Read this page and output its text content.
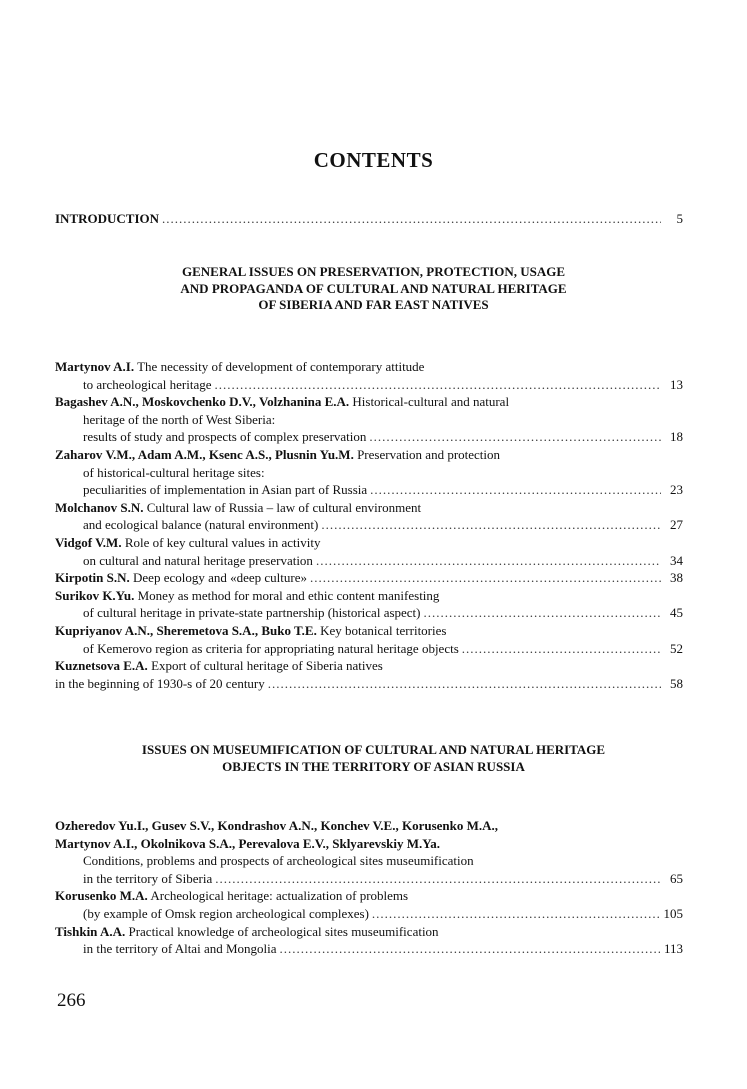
CONTENTS
INTRODUCTION .....	5
GENERAL ISSUES ON PRESERVATION, PROTECTION, USAGE
AND PROPAGANDA OF CULTURAL AND NATURAL HERITAGE
OF SIBERIA AND FAR EAST NATIVES
Martynov A.I. The necessity of development of contemporary attitude
to archeological heritage .....	13
Bagashev A.N., Moskovchenko D.V., Volzhanina E.A. Historical-cultural and natural
heritage of the north of West Siberia:
results of study and prospects of complex preservation .....	18
Zaharov V.M., Adam A.M., Ksenc A.S., Plusnin Yu.M. Preservation and protection
of historical-cultural heritage sites:
peculiarities of implementation in Asian part of Russia .....	23
Molchanov S.N. Cultural law of Russia – law of cultural environment
and ecological balance (natural environment) .....	27
Vidgof V.M. Role of key cultural values in activity
on cultural and natural heritage preservation .....	34
Kirpotin S.N. Deep ecology and «deep culture» .....	38
Surikov K.Yu. Money as method for moral and ethic content manifesting
of cultural heritage in private-state partnership (historical aspect) .....	45
Kupriyanov A.N., Sheremetova S.A., Buko T.E. Key botanical territories
of Kemerovo region as criteria for appropriating natural heritage objects .....	52
Kuznetsova E.A. Export of cultural heritage of Siberia natives
in the beginning of 1930-s of 20 century .....	58
ISSUES ON MUSEUMIFICATION OF CULTURAL AND NATURAL HERITAGE
OBJECTS IN THE TERRITORY OF ASIAN RUSSIA
Ozheredov Yu.I., Gusev S.V., Kondrashov A.N., Konchev V.E., Korusenko M.A.,
Martynov A.I., Okolnikova S.A., Perevalova E.V., Sklyarevskiy M.Ya.
Conditions, problems and prospects of archeological sites museumification
in the territory of Siberia .....	65
Korusenko M.A. Archeological heritage: actualization of problems
(by example of Omsk region archeological complexes) .....	105
Tishkin A.A. Practical knowledge of archeological sites museumification
in the territory of Altai and Mongolia .....	113
266
